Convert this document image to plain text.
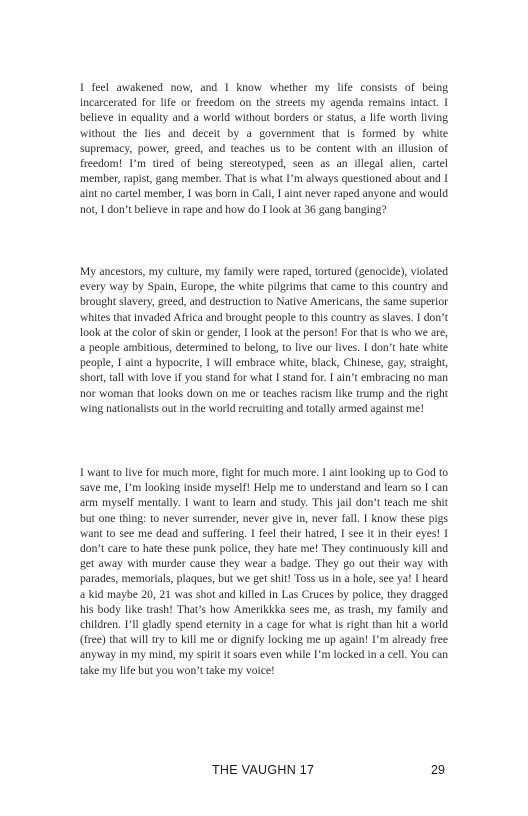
I feel awakened now, and I know whether my life consists of being incarcerated for life or freedom on the streets my agenda remains intact. I believe in equality and a world without borders or status, a life worth living without the lies and deceit by a government that is formed by white supremacy, power, greed, and teaches us to be content with an illusion of freedom! I’m tired of being stereotyped, seen as an illegal alien, cartel member, rapist, gang member. That is what I’m always questioned about and I aint no cartel member, I was born in Cali, I aint never raped anyone and would not, I don’t believe in rape and how do I look at 36 gang banging?

My ancestors, my culture, my family were raped, tortured (genocide), violated every way by Spain, Europe, the white pilgrims that came to this country and brought slavery, greed, and destruction to Native Americans, the same superior whites that invaded Africa and brought people to this country as slaves. I don’t look at the color of skin or gender, I look at the person! For that is who we are, a people ambitious, determined to belong, to live our lives. I don’t hate white people, I aint a hypocrite, I will embrace white, black, Chinese, gay, straight, short, tall with love if you stand for what I stand for. I ain’t embracing no man nor woman that looks down on me or teaches racism like trump and the right wing nationalists out in the world recruiting and totally armed against me!

I want to live for much more, fight for much more. I aint looking up to God to save me, I’m looking inside myself! Help me to understand and learn so I can arm myself mentally. I want to learn and study. This jail don’t teach me shit but one thing: to never surrender, never give in, never fall. I know these pigs want to see me dead and suffering. I feel their hatred, I see it in their eyes! I don’t care to hate these punk police, they hate me! They continuously kill and get away with murder cause they wear a badge. They go out their way with parades, memorials, plaques, but we get shit! Toss us in a hole, see ya! I heard a kid maybe 20, 21 was shot and killed in Las Cruces by police, they dragged his body like trash! That’s how Amerikkka sees me, as trash, my family and children. I’ll gladly spend eternity in a cage for what is right than hit a world (free) that will try to kill me or dignify locking me up again! I’m already free anyway in my mind, my spirit it soars even while I’m locked in a cell. You can take my life but you won’t take my voice!

THE VAUGHN 17	29
